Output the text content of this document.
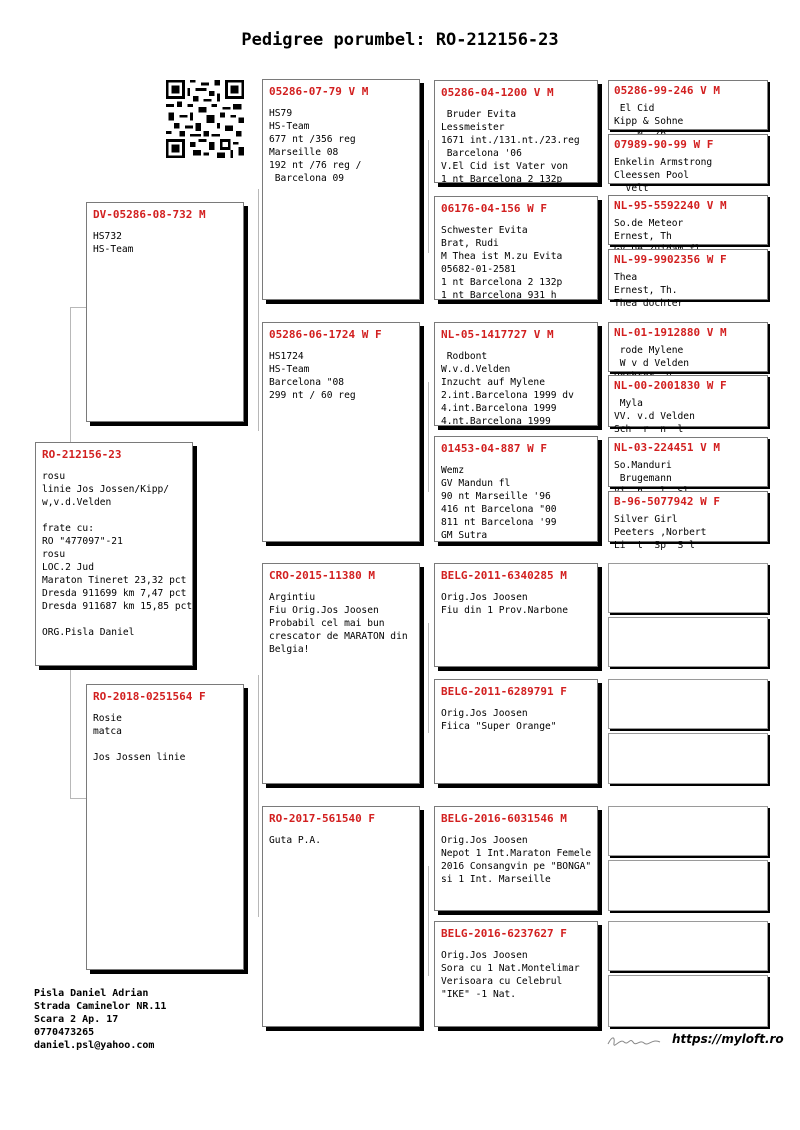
Pedigree porumbel: RO-212156-23
RO-212156-23
rosu
linie Jos Jossen/Kipp/
w,v.d.Velden

frate cu:
RO "477097"-21
rosu
LOC.2 Jud
Maraton Tineret 23,32 pct
Dresda 911699 km 7,47 pct
Dresda 911687 km 15,85 pct

ORG.Pisla Daniel
DV-05286-08-732 M
HS732
HS-Team
RO-2018-0251564 F
Rosie
matca

Jos Jossen linie
05286-07-79 V M
HS79
HS-Team
677 nt /356 reg
Marseille 08
192 nt /76 reg /
Barcelona 09
05286-06-1724 W F
HS1724
HS-Team
Barcelona "08
299 nt / 60 reg
CRO-2015-11380 M
Argintiu
Fiu Orig.Jos Joosen
Probabil cel mai bun
crescator de MARATON din
Belgia!
RO-2017-561540 F
Guta P.A.
05286-04-1200 V M
Bruder Evita
Lessmeister
1671 int./131.nt./23.reg
Barcelona '06
V.El Cid ist Vater von
1 nt Barcelona 2 132p
06176-04-156 W F
Schwester Evita
Brat, Rudi
M Thea ist M.zu Evita
05682-01-2581
1 nt Barcelona 2 132p
1 nt Barcelona 931 h
NL-05-1417727 V M
Rodbont
W.v.d.Velden
Inzucht auf Mylene
2.int.Barcelona 1999 dv
4.int.Barcelona 1999
4.nt.Barcelona 1999
01453-04-887 W F
Wemz
GV Mandun fl
90 nt Marseille '96
416 nt Barcelona "00
811 nt Barcelona '99
GM Sutra
BELG-2011-6340285 M
Orig.Jos Joosen
Fiu din 1 Prov.Narbone
BELG-2011-6289791 F
Orig.Jos Joosen
Fiica "Super Orange"
BELG-2016-6031546 M
Orig.Jos Joosen
Nepot 1 Int.Maraton Femele
2016 Consangvin pe "BONGA"
si 1 Int. Marseille
BELG-2016-6237627 F
Orig.Jos Joosen
Sora cu 1 Nat.Montelimar
Verisoara cu Celebrul
"IKE" -1 Nat.
05286-99-246 V M
El Cid
Kipp & Sohne
07989-90-99 W F
Enkelin Armstrong
Cleessen Pool
Velt
NL-95-5592240 V M
So.de Meteor
Ernest, Th
NL-99-9902356 W F
Thea
Ernest, Th.
Thea dochter
NL-01-1912880 V M
rode Mylene
W v d Velden
NL-00-2001830 W F
Myla
VV. v.d Velden
Sch  r  n  l
NL-03-224451 V M
So.Manduri
Brugemann
B-96-5077942 W F
Silver Girl
Peeters ,Norbert
Li  t  Sp  S l
Pisla Daniel Adrian
Strada Caminelor NR.11
Scara 2 Ap. 17
0770473265
daniel.psl@yahoo.com	https://myloft.ro
